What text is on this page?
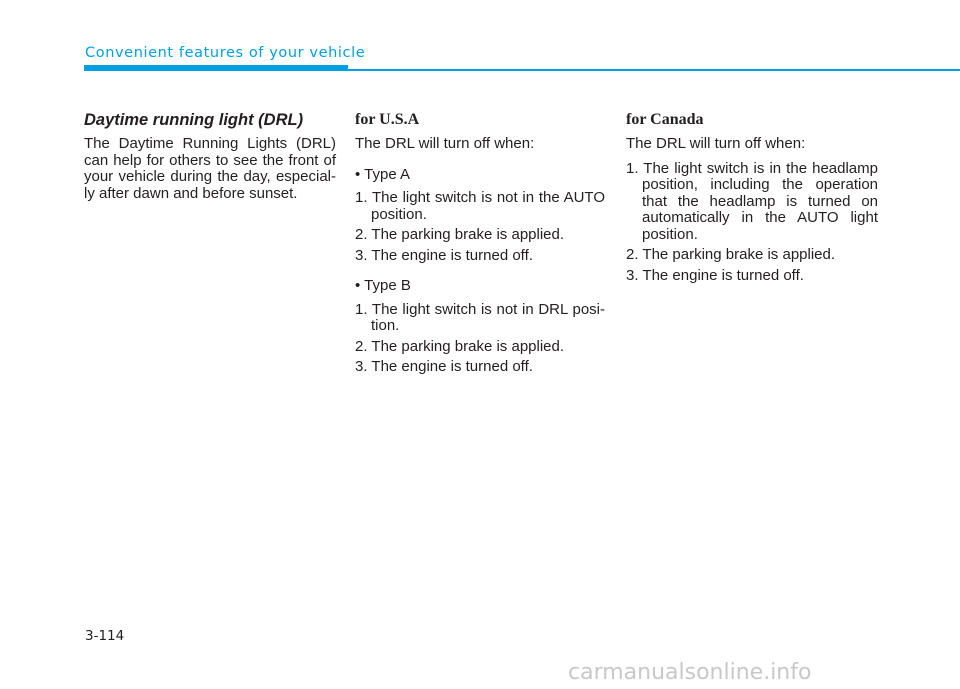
Convenient features of your vehicle
Daytime running light (DRL)
The Daytime Running Lights (DRL) can help for others to see the front of your vehicle during the day, especial-ly after dawn and before sunset.
for U.S.A
The DRL will turn off when:
• Type A
1. The light switch is not in the AUTO position.
2. The parking brake is applied.
3. The engine is turned off.
• Type B
1. The light switch is not in DRL posi-tion.
2. The parking brake is applied.
3. The engine is turned off.
for Canada
The DRL will turn off when:
1. The light switch is in the headlamp position, including the operation that the headlamp is turned on automatically in the AUTO light position.
2. The parking brake is applied.
3. The engine is turned off.
3-114
carmanualsonline.info
